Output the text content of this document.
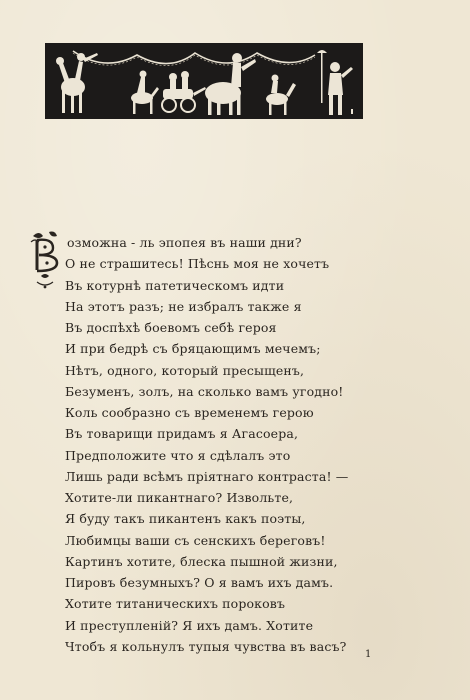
озможна - ль эпопея въ наши дни?
О не страшитесь! Пѣснь моя не хочетъ
Въ котурнѣ патетическомъ идти
На этотъ разъ; не избралъ также я
Въ доспѣхѣ боевомъ себѣ героя
И при бедрѣ съ бряцающимъ мечемъ;
Нѣтъ, одного, который пресыщенъ,
Безуменъ, золъ, на сколько вамъ угодно!
Коль сообразно съ временемъ герою
Въ товарищи придамъ я Агасоера,
Предположите что я сдѣлалъ это
Лишь ради всѣмъ пріятнаго контраста! —
Хотите-ли пикантнаго? Извольте,
Я буду такъ пикантенъ какъ поэты,
Любимцы ваши съ сенскихъ береговъ!
Картинъ хотите, блеска пышной жизни,
Пировъ безумныхъ? О я вамъ ихъ дамъ.
Хотите титаническихъ пороковъ
И преступленій? Я ихъ дамъ. Хотите
Чтобъ я кольнулъ тупыя чувства въ васъ?
1
